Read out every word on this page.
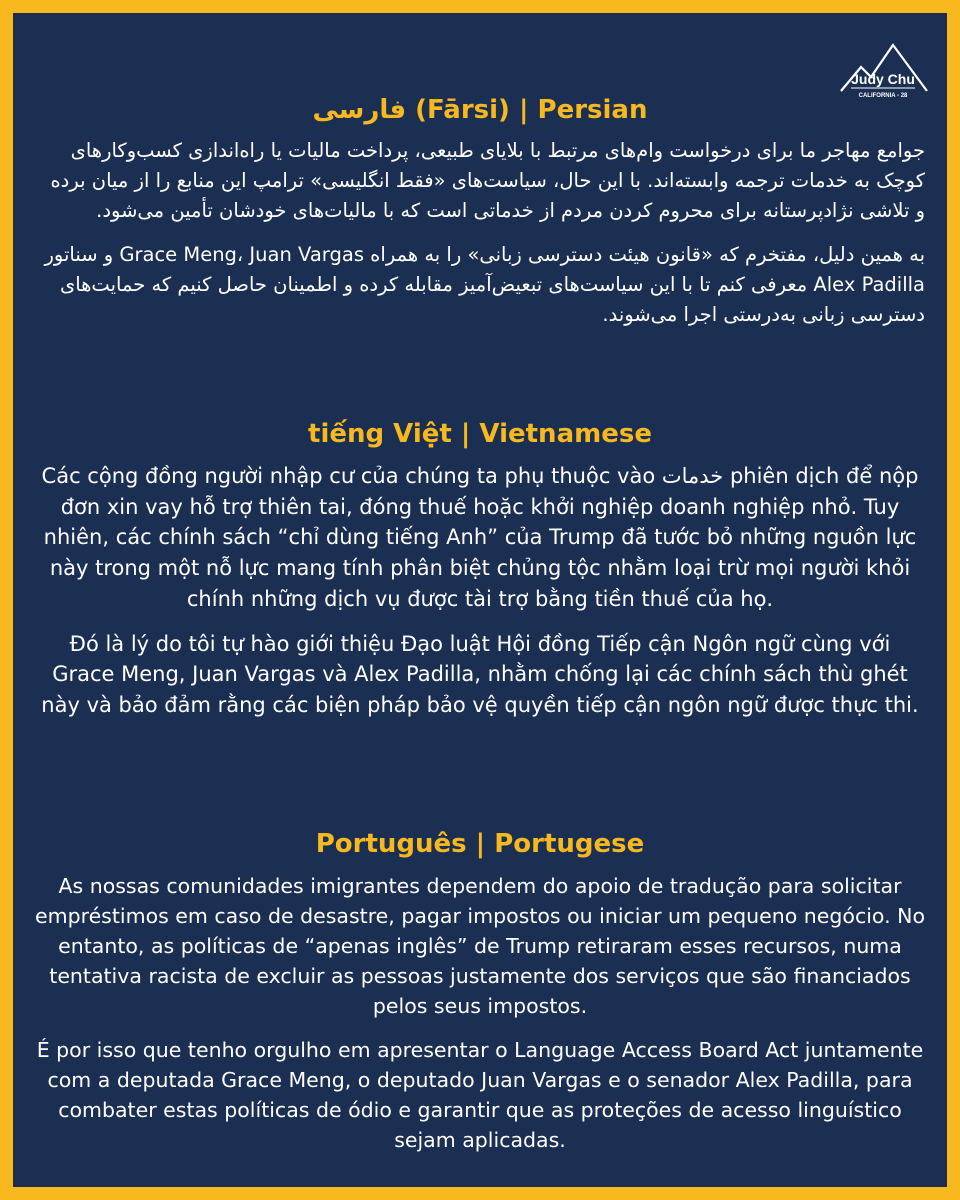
Judy Chu
CALIFORNIA - 28
فارسی (Fārsi) | Persian

جوامع مهاجر ما برای درخواست وام‌های مرتبط با بلایای طبیعی، پرداخت مالیات یا راه‌اندازی کسب‌وکارهای کوچک به خدمات ترجمه وابسته‌اند. با این حال، سیاست‌های «فقط انگلیسی» ترامپ این منابع را از میان برده و تلاشی نژادپرستانه برای محروم کردن مردم از خدماتی است که با مالیات‌های خودشان تأمین می‌شود.

به همین دلیل، مفتخرم که «قانون هیئت دسترسی زبانی» را به همراه Grace Meng، Juan Vargas و سناتور Alex Padilla معرفی کنم تا با این سیاست‌های تبعیض‌آمیز مقابله کرده و اطمینان حاصل کنیم که حمایت‌های دسترسی زبانی به‌درستی اجرا می‌شوند.

tiếng Việt | Vietnamese

Các cộng đồng người nhập cư của chúng ta phụ thuộc vào خدمات phiên dịch để nộp đơn xin vay hỗ trợ thiên tai, đóng thuế hoặc khởi nghiệp doanh nghiệp nhỏ. Tuy nhiên, các chính sách “chỉ dùng tiếng Anh” của Trump đã tước bỏ những nguồn lực này trong một nỗ lực mang tính phân biệt chủng tộc nhằm loại trừ mọi người khỏi chính những dịch vụ được tài trợ bằng tiền thuế của họ.

Đó là lý do tôi tự hào giới thiệu Đạo luật Hội đồng Tiếp cận Ngôn ngữ cùng với Grace Meng, Juan Vargas và Alex Padilla, nhằm chống lại các chính sách thù ghét này và bảo đảm rằng các biện pháp bảo vệ quyền tiếp cận ngôn ngữ được thực thi.

Português | Portugese

As nossas comunidades imigrantes dependem do apoio de tradução para solicitar empréstimos em caso de desastre, pagar impostos ou iniciar um pequeno negócio. No entanto, as políticas de “apenas inglês” de Trump retiraram esses recursos, numa tentativa racista de excluir as pessoas justamente dos serviços que são financiados pelos seus impostos.

É por isso que tenho orgulho em apresentar o Language Access Board Act juntamente com a deputada Grace Meng, o deputado Juan Vargas e o senador Alex Padilla, para combater estas políticas de ódio e garantir que as proteções de acesso linguístico sejam aplicadas.
